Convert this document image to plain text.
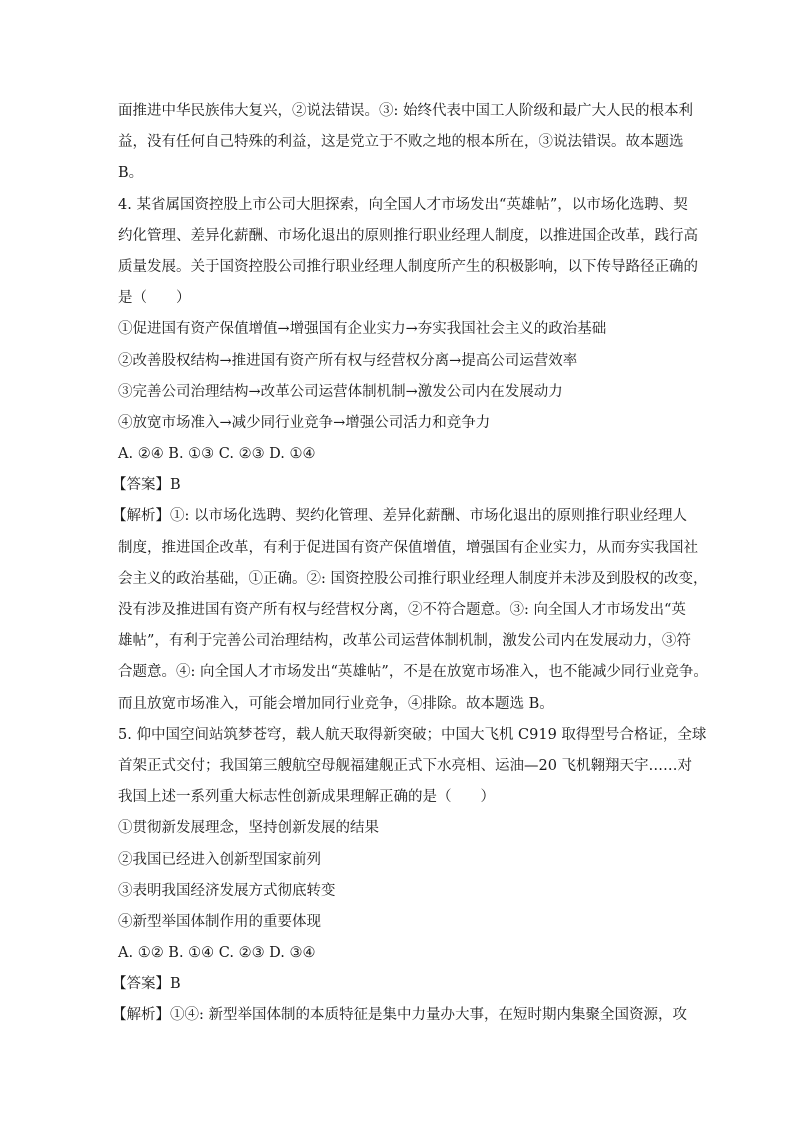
面推进中华民族伟大复兴，②说法错误。③: 始终代表中国工人阶级和最广大人民的根本利
益，没有任何自己特殊的利益，这是党立于不败之地的根本所在，③说法错误。故本题选
B。
4. 某省属国资控股上市公司大胆探索，向全国人才市场发出“英雄帖”，以市场化选聘、契
约化管理、差异化薪酬、市场化退出的原则推行职业经理人制度，以推进国企改革，践行高
质量发展。关于国资控股公司推行职业经理人制度所产生的积极影响，以下传导路径正确的
是（　　）
①促进国有资产保值增值→增强国有企业实力→夯实我国社会主义的政治基础
②改善股权结构→推进国有资产所有权与经营权分离→提高公司运营效率
③完善公司治理结构→改革公司运营体制机制→激发公司内在发展动力
④放宽市场准入→减少同行业竞争→增强公司活力和竞争力
A. ②④ B. ①③ C. ②③ D. ①④
【答案】B
【解析】①: 以市场化选聘、契约化管理、差异化薪酬、市场化退出的原则推行职业经理人
制度，推进国企改革，有利于促进国有资产保值增值，增强国有企业实力，从而夯实我国社
会主义的政治基础，①正确。②: 国资控股公司推行职业经理人制度并未涉及到股权的改变，
没有涉及推进国有资产所有权与经营权分离，②不符合题意。③: 向全国人才市场发出“英
雄帖”，有利于完善公司治理结构，改革公司运营体制机制，激发公司内在发展动力，③符
合题意。④: 向全国人才市场发出“英雄帖”，不是在放宽市场准入，也不能减少同行业竞争。
而且放宽市场准入，可能会增加同行业竞争，④排除。故本题选 B。
5. 仰中国空间站筑梦苍穹，载人航天取得新突破；中国大飞机 C919 取得型号合格证，全球
首架正式交付；我国第三艘航空母舰福建舰正式下水亮相、运油—20 飞机翱翔天宇……对
我国上述一系列重大标志性创新成果理解正确的是（　　）
①贯彻新发展理念，坚持创新发展的结果
②我国已经进入创新型国家前列
③表明我国经济发展方式彻底转变
④新型举国体制作用的重要体现
A. ①② B. ①④ C. ②③ D. ③④
【答案】B
【解析】①④: 新型举国体制的本质特征是集中力量办大事，在短时期内集聚全国资源，攻
